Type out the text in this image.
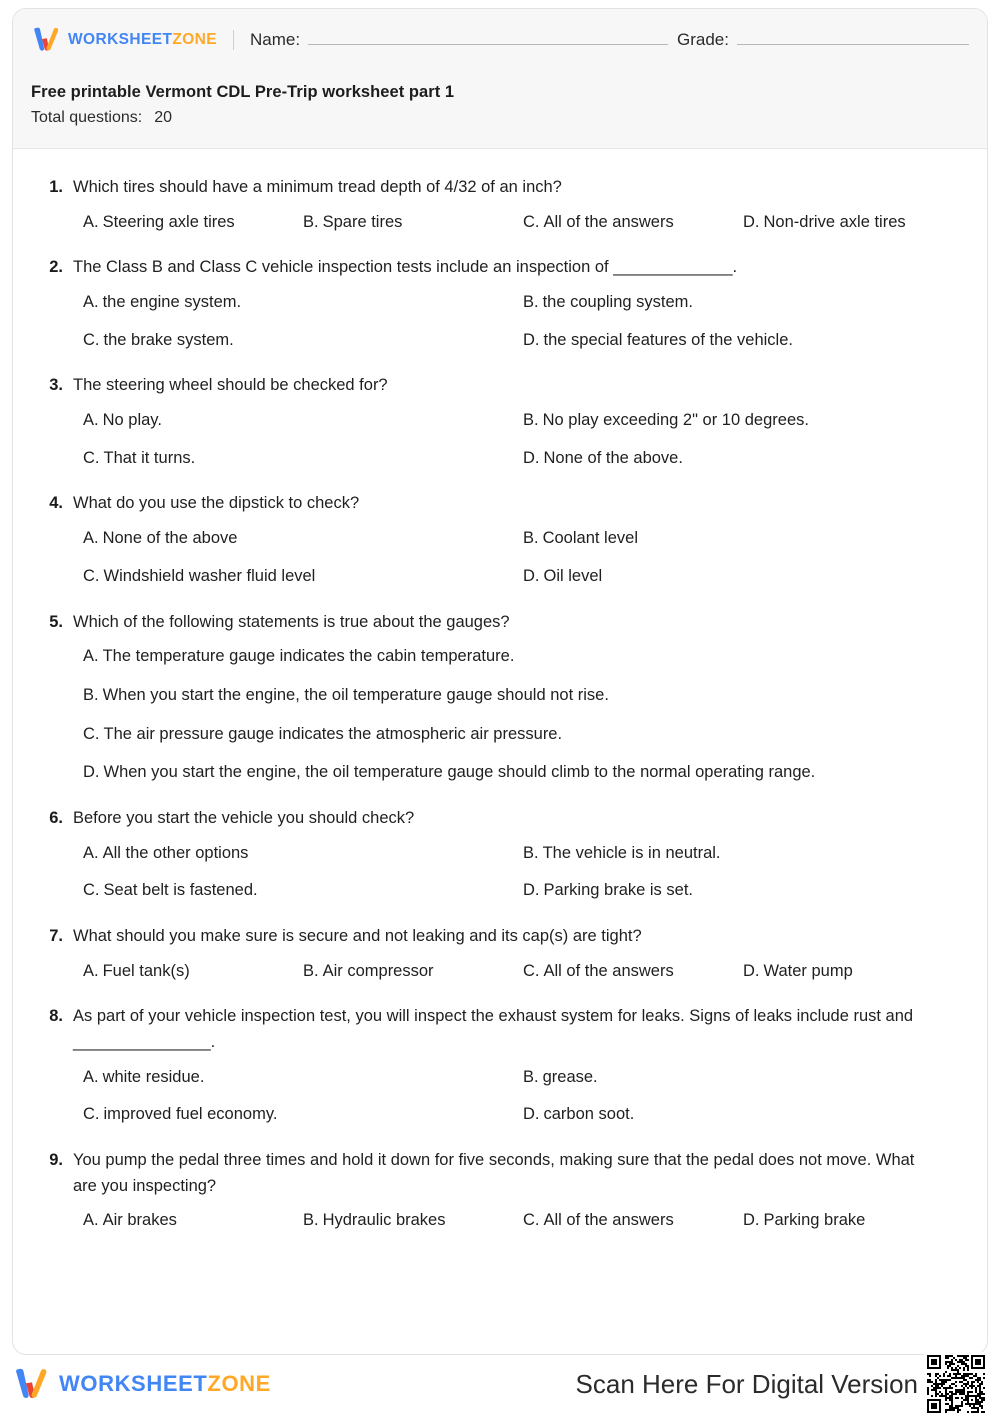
WORKSHEETZONE Name:	Grade:
Free printable Vermont CDL Pre-Trip worksheet part 1
Total questions: 20
1. Which tires should have a minimum tread depth of 4/32 of an inch?
A. Steering axle tires	B. Spare tires	C. All of the answers	D. Non-drive axle tires
2. The Class B and Class C vehicle inspection tests include an inspection of _____________.
A. the engine system.	B. the coupling system.
C. the brake system.	D. the special features of the vehicle.
3. The steering wheel should be checked for?
A. No play.	B. No play exceeding 2" or 10 degrees.
C. That it turns.	D. None of the above.
4. What do you use the dipstick to check?
A. None of the above	B. Coolant level
C. Windshield washer fluid level	D. Oil level
5. Which of the following statements is true about the gauges?
A. The temperature gauge indicates the cabin temperature.
B. When you start the engine, the oil temperature gauge should not rise.
C. The air pressure gauge indicates the atmospheric air pressure.
D. When you start the engine, the oil temperature gauge should climb to the normal operating range.
6. Before you start the vehicle you should check?
A. All the other options	B. The vehicle is in neutral.
C. Seat belt is fastened.	D. Parking brake is set.
7. What should you make sure is secure and not leaking and its cap(s) are tight?
A. Fuel tank(s)	B. Air compressor	C. All of the answers	D. Water pump
8. As part of your vehicle inspection test, you will inspect the exhaust system for leaks. Signs of leaks include rust and _______________.
A. white residue.	B. grease.
C. improved fuel economy.	D. carbon soot.
9. You pump the pedal three times and hold it down for five seconds, making sure that the pedal does not move. What are you inspecting?
A. Air brakes	B. Hydraulic brakes	C. All of the answers	D. Parking brake
WORKSHEETZONE	Scan Here For Digital Version
